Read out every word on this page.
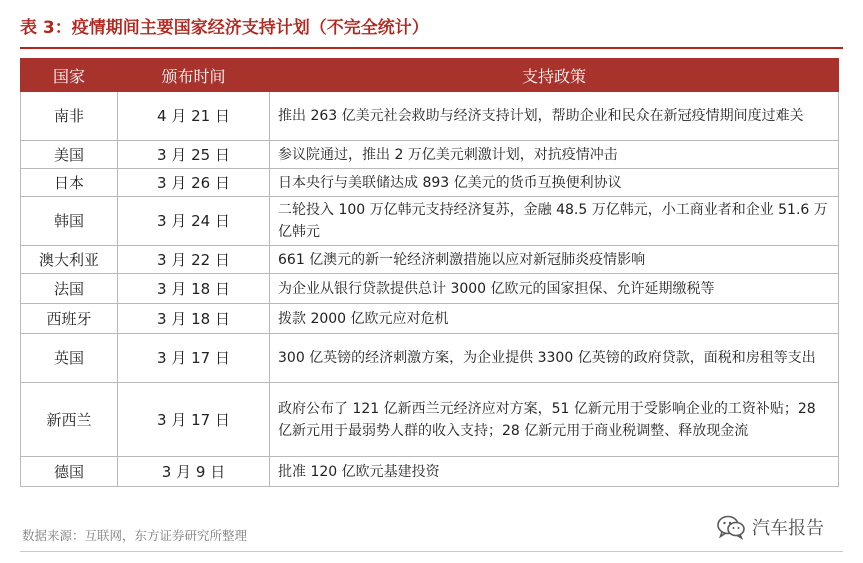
表 3：疫情期间主要国家经济支持计划（不完全统计）
国家	颁布时间	支持政策
南非	4 月 21 日	推出 263 亿美元社会救助与经济支持计划，帮助企业和民众在新冠疫情期间度过难关
美国	3 月 25 日	参议院通过，推出 2 万亿美元刺激计划，对抗疫情冲击
日本	3 月 26 日	日本央行与美联储达成 893 亿美元的货币互换便利协议
韩国	3 月 24 日	二轮投入 100 万亿韩元支持经济复苏，金融 48.5 万亿韩元，小工商业者和企业 51.6 万亿韩元
澳大利亚	3 月 22 日	661 亿澳元的新一轮经济刺激措施以应对新冠肺炎疫情影响
法国	3 月 18 日	为企业从银行贷款提供总计 3000 亿欧元的国家担保、允许延期缴税等
西班牙	3 月 18 日	拨款 2000 亿欧元应对危机
英国	3 月 17 日	300 亿英镑的经济刺激方案，为企业提供 3300 亿英镑的政府贷款，面税和房租等支出
新西兰	3 月 17 日	政府公布了 121 亿新西兰元经济应对方案，51 亿新元用于受影响企业的工资补贴；28 亿新元用于最弱势人群的收入支持；28 亿新元用于商业税调整、释放现金流
德国	3 月 9 日	批准 120 亿欧元基建投资
数据来源：互联网，东方证券研究所整理	汽车报告
